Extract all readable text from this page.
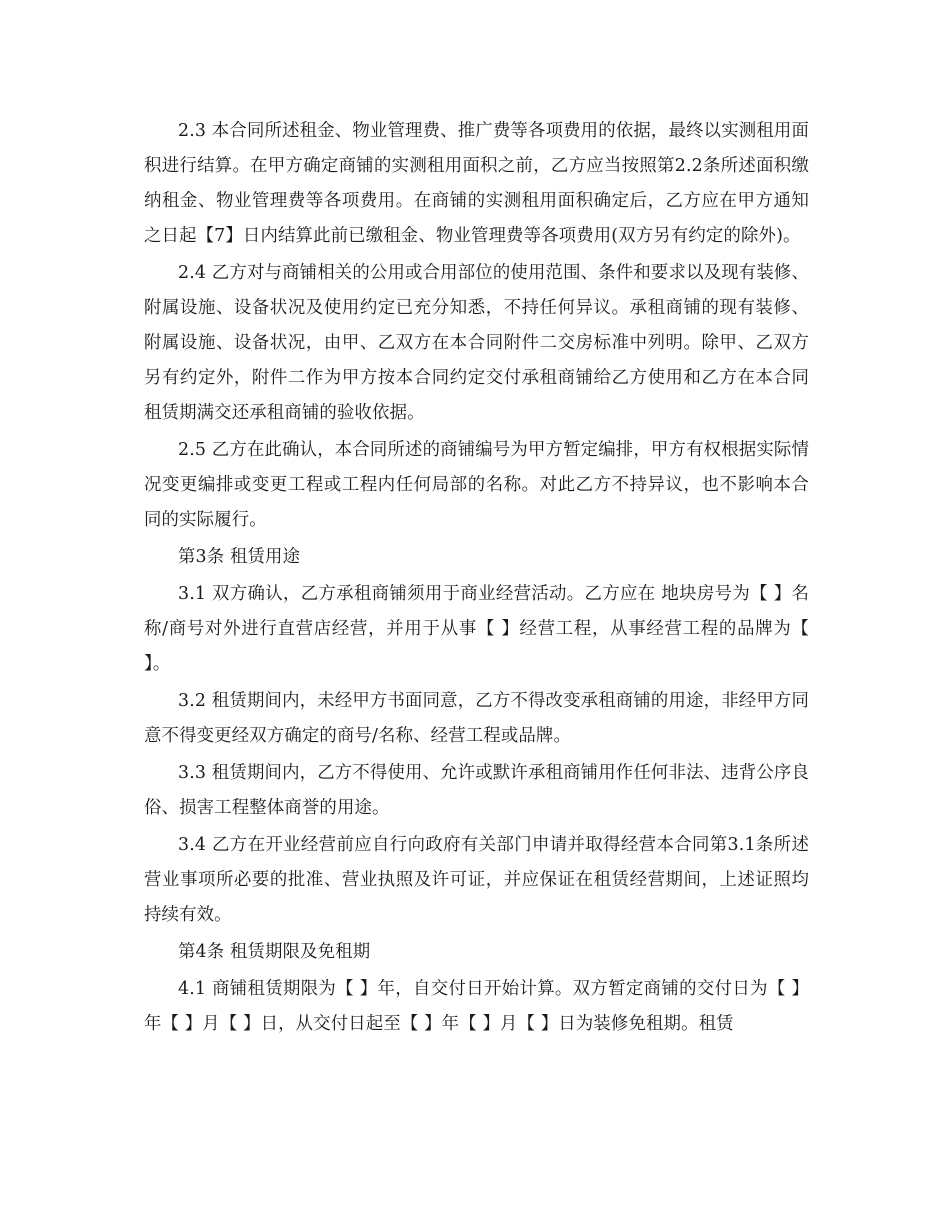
2.3 本合同所述租金、物业管理费、推广费等各项费用的依据，最终以实测租用面积进行结算。在甲方确定商铺的实测租用面积之前，乙方应当按照第2.2条所述面积缴纳租金、物业管理费等各项费用。在商铺的实测租用面积确定后，乙方应在甲方通知之日起【7】日内结算此前已缴租金、物业管理费等各项费用(双方另有约定的除外)。

2.4 乙方对与商铺相关的公用或合用部位的使用范围、条件和要求以及现有装修、附属设施、设备状况及使用约定已充分知悉，不持任何异议。承租商铺的现有装修、附属设施、设备状况，由甲、乙双方在本合同附件二交房标准中列明。除甲、乙双方另有约定外，附件二作为甲方按本合同约定交付承租商铺给乙方使用和乙方在本合同租赁期满交还承租商铺的验收依据。

2.5 乙方在此确认，本合同所述的商铺编号为甲方暂定编排，甲方有权根据实际情况变更编排或变更工程或工程内任何局部的名称。对此乙方不持异议，也不影响本合同的实际履行。

第3条 租赁用途

3.1 双方确认，乙方承租商铺须用于商业经营活动。乙方应在 地块房号为【 】名称/商号对外进行直营店经营，并用于从事【 】经营工程，从事经营工程的品牌为【 】。

3.2 租赁期间内，未经甲方书面同意，乙方不得改变承租商铺的用途，非经甲方同意不得变更经双方确定的商号/名称、经营工程或品牌。

3.3 租赁期间内，乙方不得使用、允许或默许承租商铺用作任何非法、违背公序良俗、损害工程整体商誉的用途。

3.4 乙方在开业经营前应自行向政府有关部门申请并取得经营本合同第3.1条所述营业事项所必要的批准、营业执照及许可证，并应保证在租赁经营期间，上述证照均持续有效。

第4条 租赁期限及免租期

4.1 商铺租赁期限为【 】年，自交付日开始计算。双方暂定商铺的交付日为【 】年【 】月【 】日，从交付日起至【 】年【 】月【 】日为装修免租期。租赁
